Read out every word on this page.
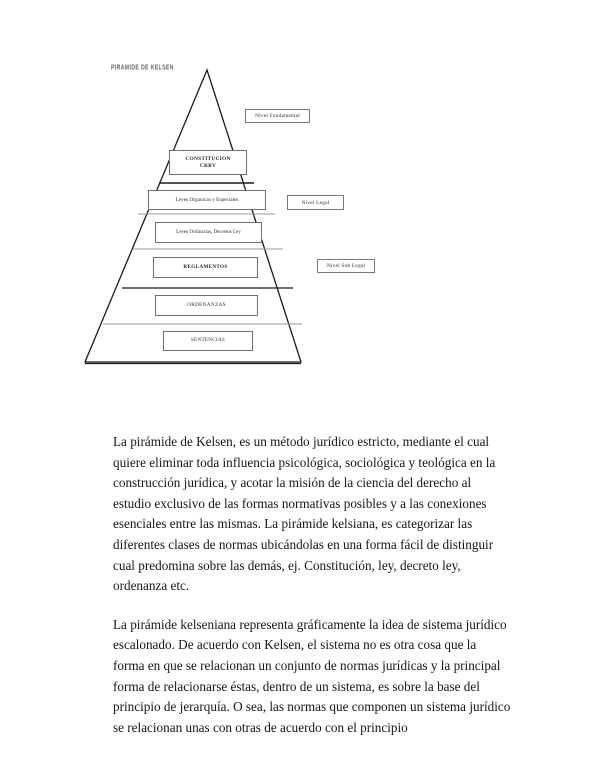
PIRAMIDE DE KELSEN
CONSTITUCION
CRBV
Leyes Organicas y Especiales
Leyes Ordinarias, Decretos Ley
REGLAMENTOS
ORDENANZAS
SENTENCIAS
Nivel Fundamental
Nivel Legal
Nivel Sub Legal

La pirámide de Kelsen, es un método jurídico estricto, mediante el cual quiere eliminar toda influencia psicológica, sociológica y teológica en la construcción jurídica, y acotar la misión de la ciencia del derecho al estudio exclusivo de las formas normativas posibles y a las conexiones esenciales entre las mismas. La pirámide kelsiana, es categorizar las diferentes clases de normas ubicándolas en una forma fácil de distinguir cual predomina sobre las demás, ej. Constitución, ley, decreto ley, ordenanza etc.

La pirámide kelseniana representa gráficamente la idea de sistema jurídico escalonado. De acuerdo con Kelsen, el sistema no es otra cosa que la forma en que se relacionan un conjunto de normas jurídicas y la principal forma de relacionarse éstas, dentro de un sistema, es sobre la base del principio de jerarquía. O sea, las normas que componen un sistema jurídico se relacionan unas con otras de acuerdo con el principio
